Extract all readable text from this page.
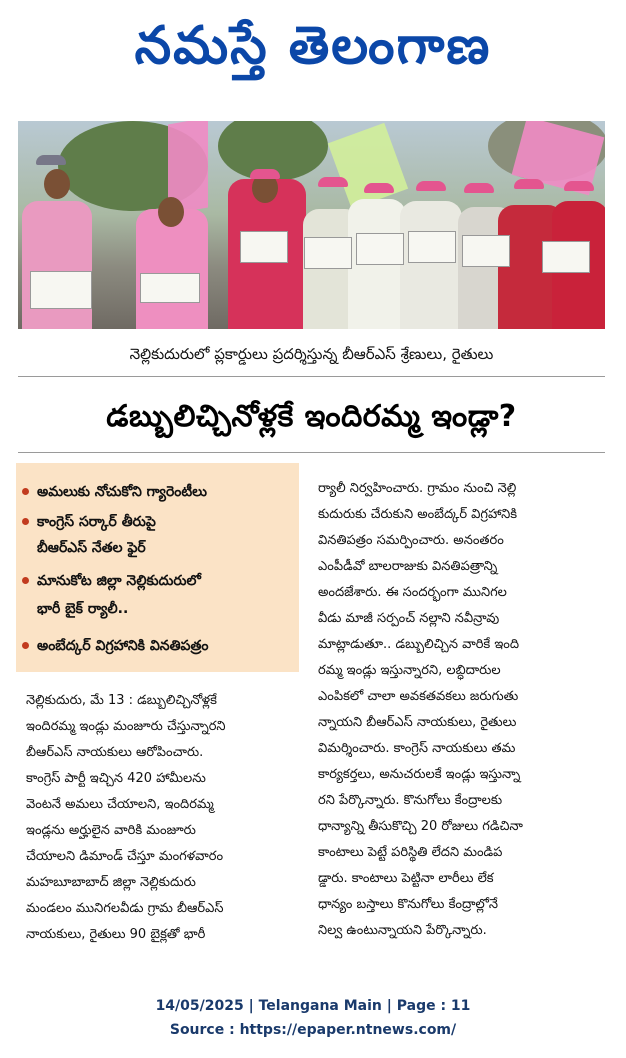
నమస్తే తెలంగాణ
నెల్లికుదురులో ప్లకార్డులు ప్రదర్శిస్తున్న బీఆర్ఎస్ శ్రేణులు, రైతులు
డబ్బులిచ్చినోళ్లకే ఇందిరమ్మ ఇండ్లా?
అమలుకు నోచుకోని గ్యారెంటీలు
కాంగ్రెస్ సర్కార్ తీరుపై
బీఆర్ఎస్ నేతల ఫైర్
మానుకోట జిల్లా నెల్లికుదురులో
భారీ బైక్ ర్యాలీ..
అంబేద్కర్ విగ్రహానికి వినతిపత్రం
నెల్లికుదురు, మే 13 : డబ్బులిచ్చినోళ్లకే
ఇందిరమ్మ ఇండ్లు మంజూరు చేస్తున్నారని
బీఆర్ఎస్ నాయకులు ఆరోపించారు.
కాంగ్రెస్ పార్టీ ఇచ్చిన 420 హామీలను
వెంటనే అమలు చేయాలని, ఇందిరమ్మ
ఇండ్లను అర్హులైన వారికి మంజూరు
చేయాలని డిమాండ్ చేస్తూ మంగళవారం
మహబూబాబాద్ జిల్లా నెల్లికుదురు
మండలం మునిగలవీడు గ్రామ బీఆర్ఎస్
నాయకులు, రైతులు 90 బైక్లతో భారీ
ర్యాలీ నిర్వహించారు. గ్రామం నుంచి నెల్లి
కుదురుకు చేరుకుని అంబేద్కర్ విగ్రహానికి
వినతిపత్రం సమర్పించారు. అనంతరం
ఎంపీడీవో బాలరాజుకు వినతిపత్రాన్ని
అందజేశారు. ఈ సందర్భంగా మునిగల
వీడు మాజీ సర్పంచ్ నల్లాని నవీన్రావు
మాట్లాడుతూ.. డబ్బులిచ్చిన వారికే ఇంది
రమ్మ ఇండ్లు ఇస్తున్నారని, లబ్ధిదారుల
ఎంపికలో చాలా అవకతవకలు జరుగుతు
న్నాయని బీఆర్ఎస్ నాయకులు, రైతులు
విమర్శించారు. కాంగ్రెస్ నాయకులు తమ
కార్యకర్తలు, అనుచరులకే ఇండ్లు ఇస్తున్నా
రని పేర్కొన్నారు. కొనుగోలు కేంద్రాలకు
ధాన్యాన్ని తీసుకొచ్చి 20 రోజులు గడిచినా
కాంటాలు పెట్టే పరిస్థితి లేదని మండిప
డ్డారు. కాంటాలు పెట్టినా లారీలు లేక
ధాన్యం బస్తాలు కొనుగోలు కేంద్రాల్లోనే
నిల్వ ఉంటున్నాయని పేర్కొన్నారు.
14/05/2025 | Telangana Main | Page : 11
Source : https://epaper.ntnews.com/
